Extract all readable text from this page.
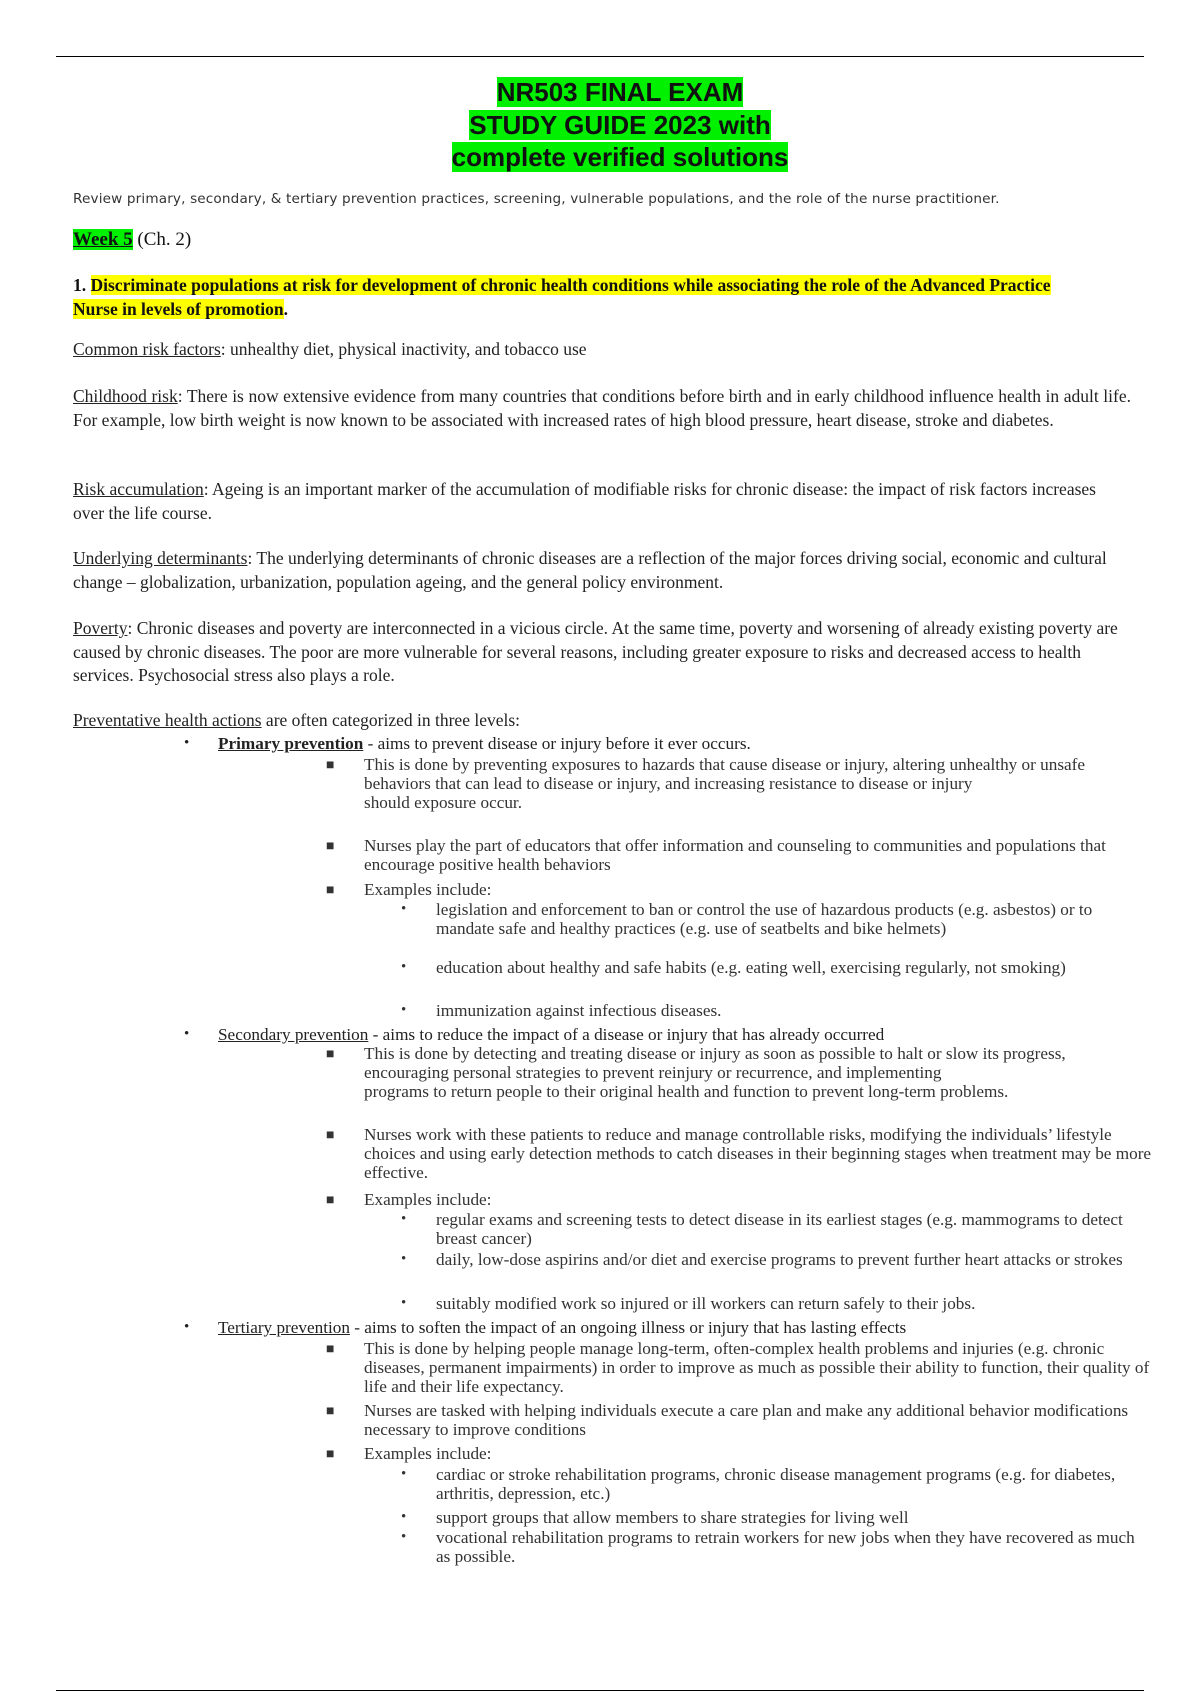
NR503 FINAL EXAM
STUDY GUIDE 2023 with
complete verified solutions
Review primary, secondary, & tertiary prevention practices, screening, vulnerable populations, and the role of the nurse practitioner.
Week 5 (Ch. 2)
1. Discriminate populations at risk for development of chronic health conditions while associating the role of the Advanced Practice Nurse in levels of promotion.
Common risk factors: unhealthy diet, physical inactivity, and tobacco use
Childhood risk: There is now extensive evidence from many countries that conditions before birth and in early childhood influence health in adult life. For example, low birth weight is now known to be associated with increased rates of high blood pressure, heart disease, stroke and diabetes.
Risk accumulation: Ageing is an important marker of the accumulation of modifiable risks for chronic disease: the impact of risk factors increases over the life course.
Underlying determinants: The underlying determinants of chronic diseases are a reflection of the major forces driving social, economic and cultural change – globalization, urbanization, population ageing, and the general policy environment.
Poverty: Chronic diseases and poverty are interconnected in a vicious circle. At the same time, poverty and worsening of already existing poverty are caused by chronic diseases. The poor are more vulnerable for several reasons, including greater exposure to risks and decreased access to health services. Psychosocial stress also plays a role.
Preventative health actions are often categorized in three levels:
• Primary prevention - aims to prevent disease or injury before it ever occurs.
■ This is done by preventing exposures to hazards that cause disease or injury, altering unhealthy or unsafe behaviors that can lead to disease or injury, and increasing resistance to disease or injury
should exposure occur.
■ Nurses play the part of educators that offer information and counseling to communities and populations that encourage positive health behaviors
■ Examples include:
• legislation and enforcement to ban or control the use of hazardous products (e.g. asbestos) or to mandate safe and healthy practices (e.g. use of seatbelts and bike helmets)
• education about healthy and safe habits (e.g. eating well, exercising regularly, not smoking)
• immunization against infectious diseases.
• Secondary prevention - aims to reduce the impact of a disease or injury that has already occurred
■ This is done by detecting and treating disease or injury as soon as possible to halt or slow its progress, encouraging personal strategies to prevent reinjury or recurrence, and implementing
programs to return people to their original health and function to prevent long-term problems.
■ Nurses work with these patients to reduce and manage controllable risks, modifying the individuals’ lifestyle choices and using early detection methods to catch diseases in their beginning stages when treatment may be more effective.
■ Examples include:
• regular exams and screening tests to detect disease in its earliest stages (e.g. mammograms to detect breast cancer)
• daily, low-dose aspirins and/or diet and exercise programs to prevent further heart attacks or strokes
• suitably modified work so injured or ill workers can return safely to their jobs.
• Tertiary prevention - aims to soften the impact of an ongoing illness or injury that has lasting effects
■ This is done by helping people manage long-term, often-complex health problems and injuries (e.g. chronic diseases, permanent impairments) in order to improve as much as possible their ability to function, their quality of life and their life expectancy.
■ Nurses are tasked with helping individuals execute a care plan and make any additional behavior modifications necessary to improve conditions
■ Examples include:
• cardiac or stroke rehabilitation programs, chronic disease management programs (e.g. for diabetes, arthritis, depression, etc.)
• support groups that allow members to share strategies for living well
• vocational rehabilitation programs to retrain workers for new jobs when they have recovered as much as possible.
